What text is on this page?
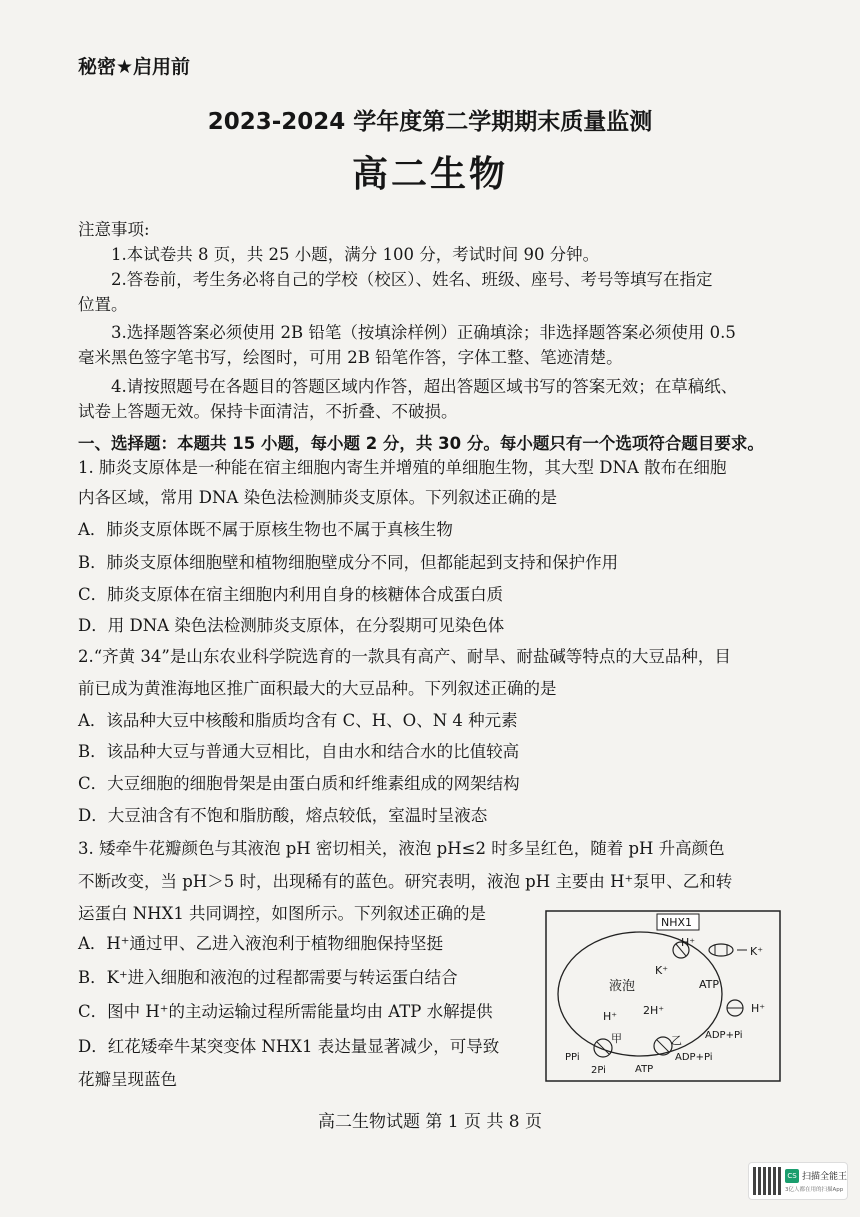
秘密★启用前
2023-2024 学年度第二学期期末质量监测
高二生物
注意事项:
1.本试卷共 8 页，共 25 小题，满分 100 分，考试时间 90 分钟。
2.答卷前，考生务必将自己的学校（校区）、姓名、班级、座号、考号等填写在指定
位置。
3.选择题答案必须使用 2B 铅笔（按填涂样例）正确填涂；非选择题答案必须使用 0.5
毫米黑色签字笔书写，绘图时，可用 2B 铅笔作答，字体工整、笔迹清楚。
4.请按照题号在各题目的答题区域内作答，超出答题区域书写的答案无效；在草稿纸、
试卷上答题无效。保持卡面清洁，不折叠、不破损。
一、选择题：本题共 15 小题，每小题 2 分，共 30 分。每小题只有一个选项符合题目要求。
1. 肺炎支原体是一种能在宿主细胞内寄生并增殖的单细胞生物，其大型 DNA 散布在细胞
内各区域，常用 DNA 染色法检测肺炎支原体。下列叙述正确的是
A．肺炎支原体既不属于原核生物也不属于真核生物
B．肺炎支原体细胞壁和植物细胞壁成分不同，但都能起到支持和保护作用
C．肺炎支原体在宿主细胞内利用自身的核糖体合成蛋白质
D．用 DNA 染色法检测肺炎支原体，在分裂期可见染色体
2.“齐黄 34”是山东农业科学院选育的一款具有高产、耐旱、耐盐碱等特点的大豆品种，目
前已成为黄淮海地区推广面积最大的大豆品种。下列叙述正确的是
A．该品种大豆中核酸和脂质均含有 C、H、O、N 4 种元素
B．该品种大豆与普通大豆相比，自由水和结合水的比值较高
C．大豆细胞的细胞骨架是由蛋白质和纤维素组成的网架结构
D．大豆油含有不饱和脂肪酸，熔点较低，室温时呈液态
3. 矮牵牛花瓣颜色与其液泡 pH 密切相关，液泡 pH≤2 时多呈红色，随着 pH 升高颜色
不断改变，当 pH＞5 时，出现稀有的蓝色。研究表明，液泡 pH 主要由 H⁺泵甲、乙和转
运蛋白 NHX1 共同调控，如图所示。下列叙述正确的是
A．H⁺通过甲、乙进入液泡利于植物细胞保持坚挺
B．K⁺进入细胞和液泡的过程都需要与转运蛋白结合
C．图中 H⁺的主动运输过程所需能量均由 ATP 水解提供
D．红花矮牵牛某突变体 NHX1 表达量显著减少，可导致
花瓣呈现蓝色
液泡
NHX1
H⁺
K⁺
K⁺
ATP
H⁺
ADP+Pi
H⁺ 2H⁺
甲
PPi
2Pi
乙
ATP
ADP+Pi
高二生物试题 第 1 页 共 8 页
CS 扫描全能王
3亿人都在用的扫描App
